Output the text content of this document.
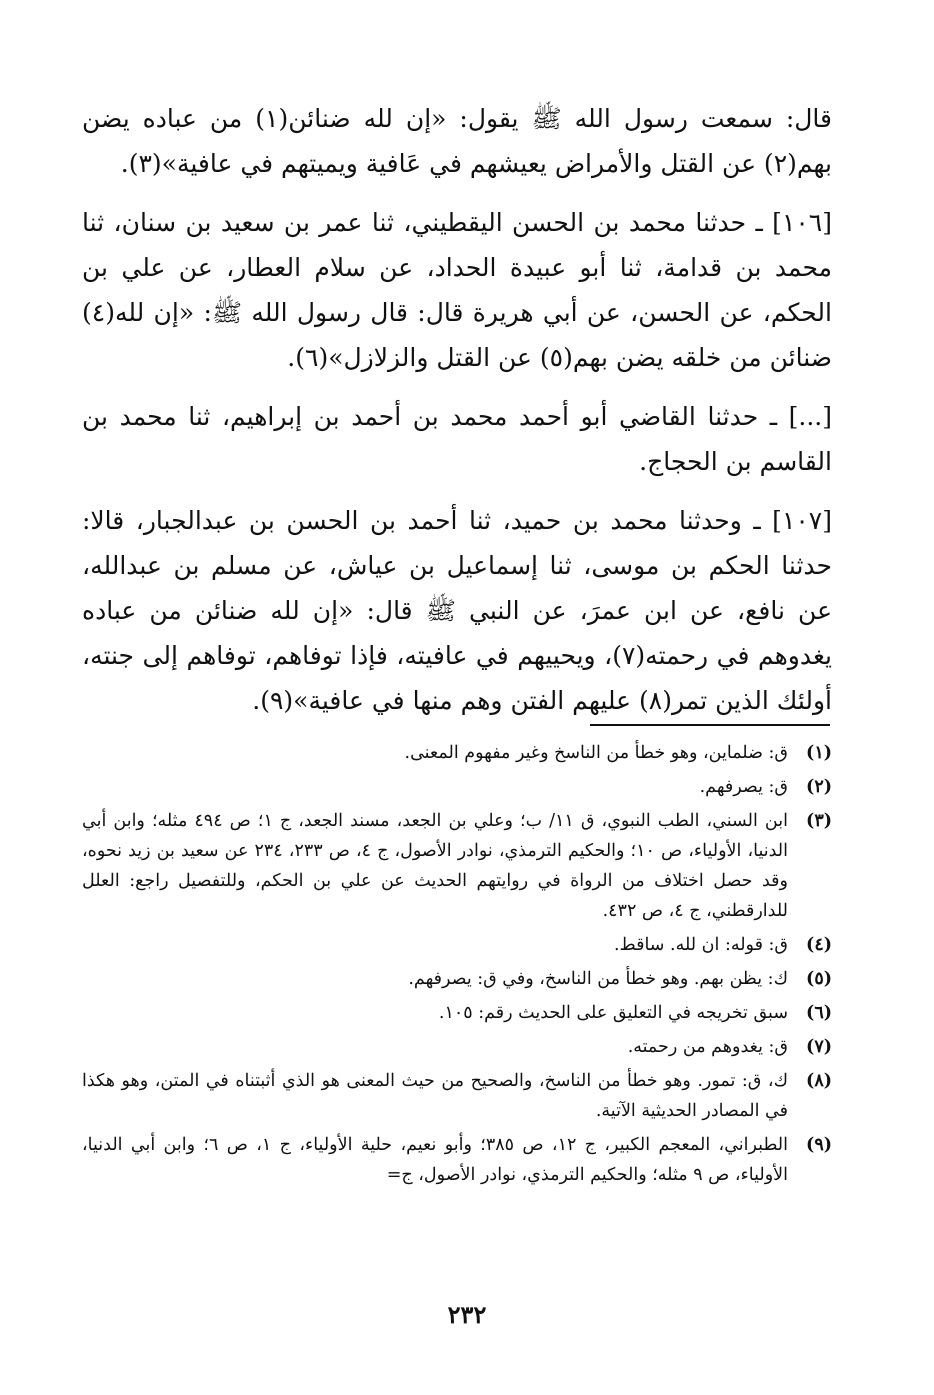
قال: سمعت رسول الله ﷺ يقول: «إن لله ضنائن(١) من عباده يضن بهم(٢) عن القتل والأمراض يعيشهم في عَافية ويميتهم في عافية»(٣).

[١٠٦] ـ حدثنا محمد بن الحسن اليقطيني، ثنا عمر بن سعيد بن سنان، ثنا محمد بن قدامة، ثنا أبو عبيدة الحداد، عن سلام العطار، عن علي بن الحكم، عن الحسن، عن أبي هريرة قال: قال رسول الله ﷺ: «إن لله(٤) ضنائن من خلقه يضن بهم(٥) عن القتل والزلازل»(٦).

[...] ـ حدثنا القاضي أبو أحمد محمد بن أحمد بن إبراهيم، ثنا محمد بن القاسم بن الحجاج.

[١٠٧] ـ وحدثنا محمد بن حميد، ثنا أحمد بن الحسن بن عبدالجبار، قالا: حدثنا الحكم بن موسى، ثنا إسماعيل بن عياش، عن مسلم بن عبدالله، عن نافع، عن ابن عمرَ، عن النبي ﷺ قال: «إن لله ضنائن من عباده يغدوهم في رحمته(٧)، ويحييهم في عافيته، فإذا توفاهم، توفاهم إلى جنته، أولئك الذين تمر(٨) عليهم الفتن وهم منها في عافية»(٩).

(١)
ق: ضلماين، وهو خطأ من الناسخ وغير مفهوم المعنى.
(٢)
ق: يصرفهم.
(٣)
ابن السني، الطب النبوي، ق ١١/ ب؛ وعلي بن الجعد، مسند الجعد، ج ١؛ ص ٤٩٤ مثله؛ وابن أبي الدنيا، الأولياء، ص ١٠؛ والحكيم الترمذي، نوادر الأصول، ج ٤، ص ٢٣٣، ٢٣٤ عن سعيد بن زيد نحوه، وقد حصل اختلاف من الرواة في روايتهم الحديث عن علي بن الحكم، وللتفصيل راجع: العلل للدارقطني، ج ٤، ص ٤٣٢.
(٤)
ق: قوله: ان لله. ساقط.
(٥)
ك: يظن بهم. وهو خطأ من الناسخ، وفي ق: يصرفهم.
(٦)
سبق تخريجه في التعليق على الحديث رقم: ١٠٥.
(٧)
ق: يغدوهم من رحمته.
(٨)
ك، ق: تمور. وهو خطأ من الناسخ، والصحيح من حيث المعنى هو الذي أثبتناه في المتن، وهو هكذا في المصادر الحديثية الآتية.
(٩)
الطبراني، المعجم الكبير، ج ١٢، ص ٣٨٥؛ وأبو نعيم، حلية الأولياء، ج ١، ص ٦؛ وابن أبي الدنيا، الأولياء، ص ٩ مثله؛ والحكيم الترمذي، نوادر الأصول، ج=
٢٣٢
